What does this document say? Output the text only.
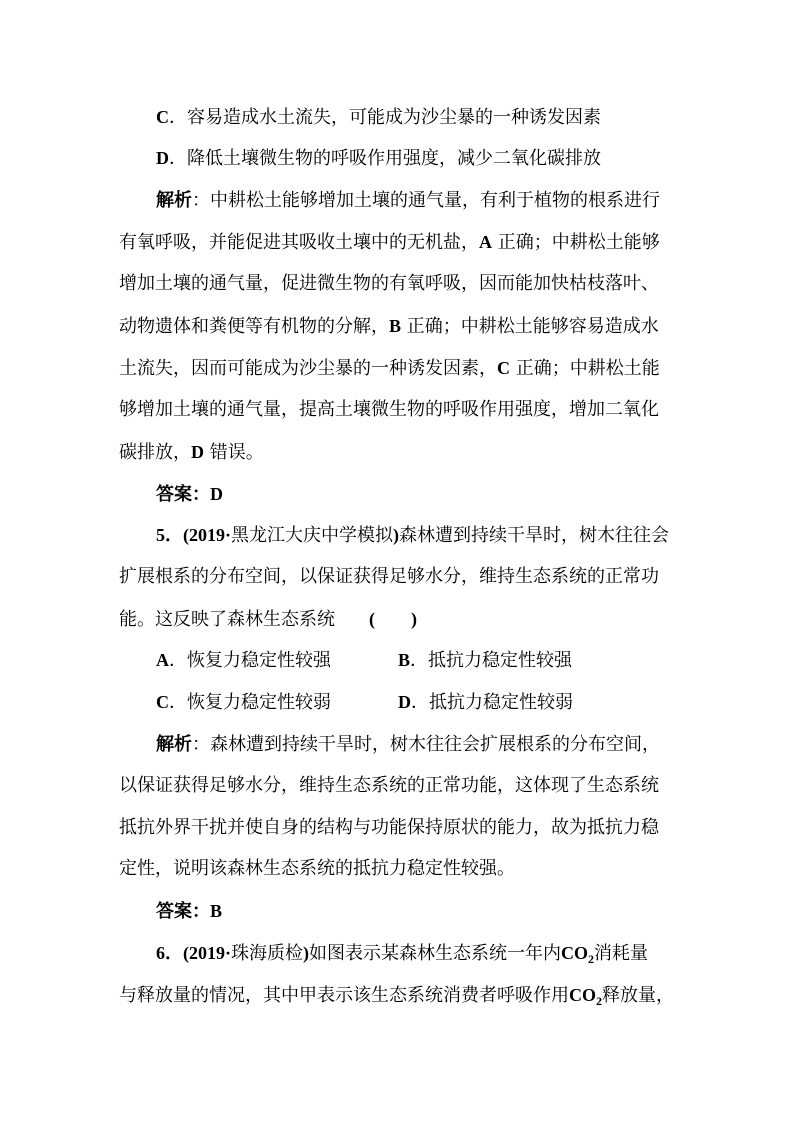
C．容易造成水土流失，可能成为沙尘暴的一种诱发因素
D．降低土壤微生物的呼吸作用强度，减少二氧化碳排放
解析：中耕松土能够增加土壤的通气量，有利于植物的根系进行
有氧呼吸，并能促进其吸收土壤中的无机盐，A 正确；中耕松土能够
增加土壤的通气量，促进微生物的有氧呼吸，因而能加快枯枝落叶、
动物遗体和粪便等有机物的分解，B 正确；中耕松土能够容易造成水
土流失，因而可能成为沙尘暴的一种诱发因素，C 正确；中耕松土能
够增加土壤的通气量，提高土壤微生物的呼吸作用强度，增加二氧化
碳排放，D 错误。
答案：D
5．(2019·黑龙江大庆中学模拟)森林遭到持续干旱时，树木往往会
扩展根系的分布空间，以保证获得足够水分，维持生态系统的正常功
能。这反映了森林生态系统 (　　)
A．恢复力稳定性较强	B．抵抗力稳定性较强
C．恢复力稳定性较弱	D．抵抗力稳定性较弱
解析：森林遭到持续干旱时，树木往往会扩展根系的分布空间，
以保证获得足够水分，维持生态系统的正常功能，这体现了生态系统
抵抗外界干扰并使自身的结构与功能保持原状的能力，故为抵抗力稳
定性，说明该森林生态系统的抵抗力稳定性较强。
答案：B
6．(2019·珠海质检)如图表示某森林生态系统一年内$CO_2$消耗量
与释放量的情况，其中甲表示该生态系统消费者呼吸作用$CO_2$释放量，
